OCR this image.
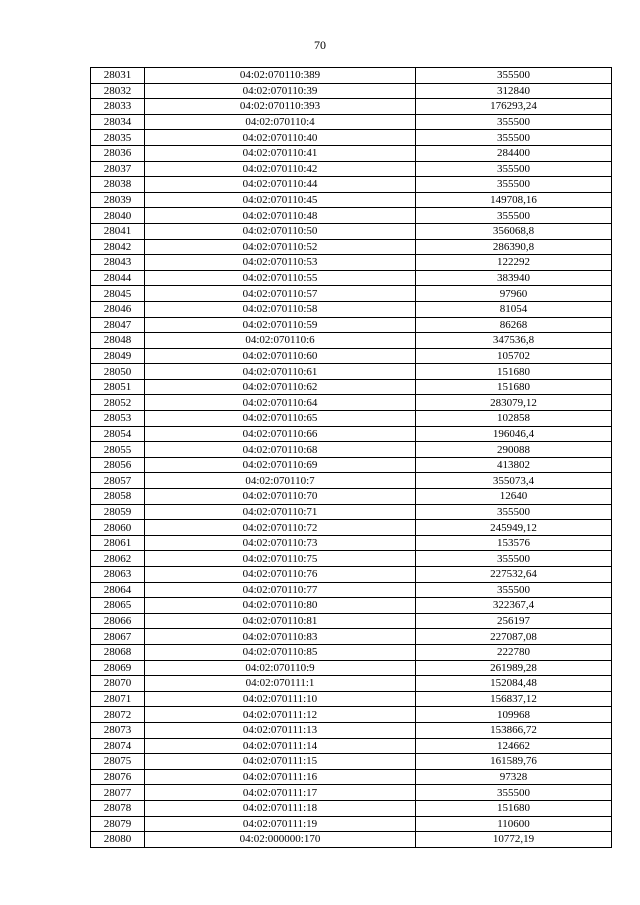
70
28031	04:02:070110:389	355500
28032	04:02:070110:39	312840
28033	04:02:070110:393	176293,24
28034	04:02:070110:4	355500
28035	04:02:070110:40	355500
28036	04:02:070110:41	284400
28037	04:02:070110:42	355500
28038	04:02:070110:44	355500
28039	04:02:070110:45	149708,16
28040	04:02:070110:48	355500
28041	04:02:070110:50	356068,8
28042	04:02:070110:52	286390,8
28043	04:02:070110:53	122292
28044	04:02:070110:55	383940
28045	04:02:070110:57	97960
28046	04:02:070110:58	81054
28047	04:02:070110:59	86268
28048	04:02:070110:6	347536,8
28049	04:02:070110:60	105702
28050	04:02:070110:61	151680
28051	04:02:070110:62	151680
28052	04:02:070110:64	283079,12
28053	04:02:070110:65	102858
28054	04:02:070110:66	196046,4
28055	04:02:070110:68	290088
28056	04:02:070110:69	413802
28057	04:02:070110:7	355073,4
28058	04:02:070110:70	12640
28059	04:02:070110:71	355500
28060	04:02:070110:72	245949,12
28061	04:02:070110:73	153576
28062	04:02:070110:75	355500
28063	04:02:070110:76	227532,64
28064	04:02:070110:77	355500
28065	04:02:070110:80	322367,4
28066	04:02:070110:81	256197
28067	04:02:070110:83	227087,08
28068	04:02:070110:85	222780
28069	04:02:070110:9	261989,28
28070	04:02:070111:1	152084,48
28071	04:02:070111:10	156837,12
28072	04:02:070111:12	109968
28073	04:02:070111:13	153866,72
28074	04:02:070111:14	124662
28075	04:02:070111:15	161589,76
28076	04:02:070111:16	97328
28077	04:02:070111:17	355500
28078	04:02:070111:18	151680
28079	04:02:070111:19	110600
28080	04:02:000000:170	10772,19
